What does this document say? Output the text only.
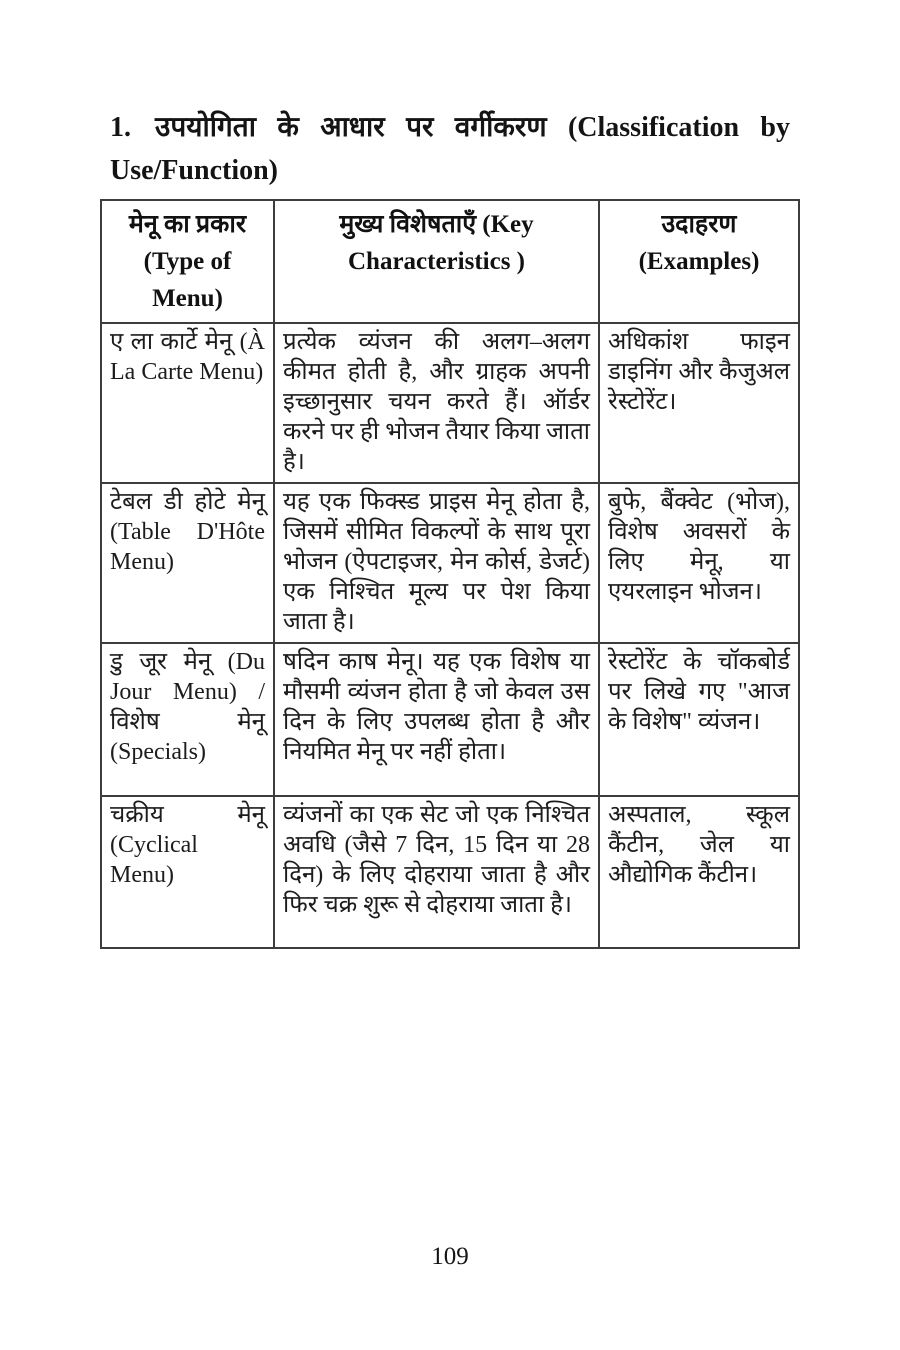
1. उपयोगिता के आधार पर वर्गीकरण (Classification by Use/Function)
मेनू का प्रकार (Type of Menu)	मुख्य विशेषताएँ (Key Characteristics )	उदाहरण (Examples)
ए ला कार्टे मेनू (À La Carte Menu)	प्रत्येक व्यंजन की अलग–अलग कीमत होती है, और ग्राहक अपनी इच्छानुसार चयन करते हैं। ऑर्डर करने पर ही भोजन तैयार किया जाता है।	अधिकांश फाइन डाइनिंग और कैजुअल रेस्टोरेंट।
टेबल डी होटे मेनू (Table D'Hôte Menu)	यह एक फिक्स्ड प्राइस मेनू होता है, जिसमें सीमित विकल्पों के साथ पूरा भोजन (ऐपटाइजर, मेन कोर्स, डेजर्ट) एक निश्चित मूल्य पर पेश किया जाता है।	बुफे, बैंक्वेट (भोज), विशेष अवसरों के लिए मेनू, या एयरलाइन भोजन।
डु जूर मेनू (Du Jour Menu) / विशेष मेनू (Specials)	षदिन काष मेनू। यह एक विशेष या मौसमी व्यंजन होता है जो केवल उस दिन के लिए उपलब्ध होता है और नियमित मेनू पर नहीं होता।	रेस्टोरेंट के चॉकबोर्ड पर लिखे गए "आज के विशेष" व्यंजन।
चक्रीय मेनू (Cyclical Menu)	व्यंजनों का एक सेट जो एक निश्चित अवधि (जैसे 7 दिन, 15 दिन या 28 दिन) के लिए दोहराया जाता है और फिर चक्र शुरू से दोहराया जाता है।	अस्पताल, स्कूल कैंटीन, जेल या औद्योगिक कैंटीन।
109
